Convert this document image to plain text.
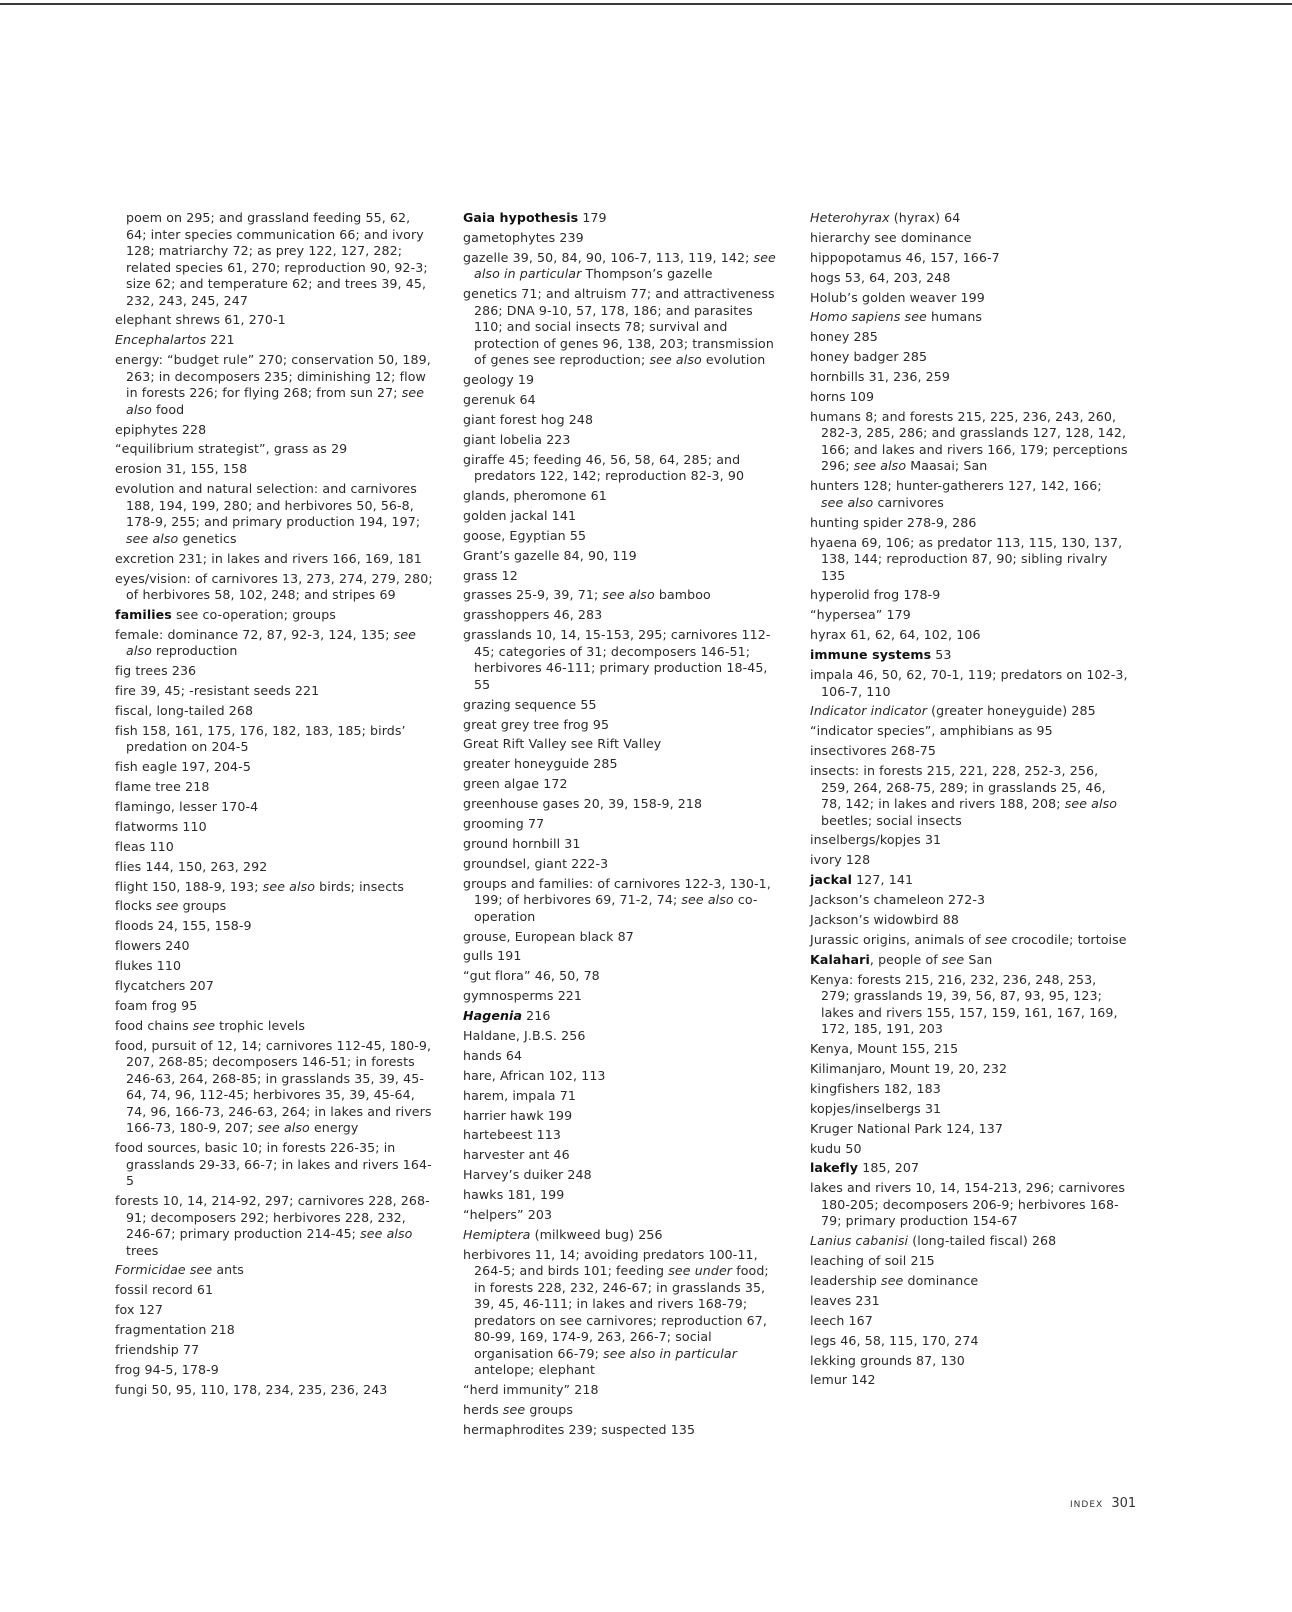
poem on 295; and grassland feeding 55, 62, 64; inter species communication 66; and ivory 128; matriarchy 72; as prey 122, 127, 282; related species 61, 270; reproduction 90, 92-3; size 62; and temperature 62; and trees 39, 45, 232, 243, 245, 247
elephant shrews 61, 270-1
Encephalartos 221
energy: “budget rule” 270; conservation 50, 189, 263; in decomposers 235; diminishing 12; flow in forests 226; for flying 268; from sun 27; see also food
epiphytes 228
“equilibrium strategist”, grass as 29
erosion 31, 155, 158
evolution and natural selection: and carnivores 188, 194, 199, 280; and herbivores 50, 56-8, 178-9, 255; and primary production 194, 197; see also genetics
excretion 231; in lakes and rivers 166, 169, 181
eyes/vision: of carnivores 13, 273, 274, 279, 280; of herbivores 58, 102, 248; and stripes 69
families see co-operation; groups
female: dominance 72, 87, 92-3, 124, 135; see also reproduction
fig trees 236
fire 39, 45; -resistant seeds 221
fiscal, long-tailed 268
fish 158, 161, 175, 176, 182, 183, 185; birds’ predation on 204-5
fish eagle 197, 204-5
flame tree 218
flamingo, lesser 170-4
flatworms 110
fleas 110
flies 144, 150, 263, 292
flight 150, 188-9, 193; see also birds; insects
flocks see groups
floods 24, 155, 158-9
flowers 240
flukes 110
flycatchers 207
foam frog 95
food chains see trophic levels
food, pursuit of 12, 14; carnivores 112-45, 180-9, 207, 268-85; decomposers 146-51; in forests 246-63, 264, 268-85; in grasslands 35, 39, 45-64, 74, 96, 112-45; herbivores 35, 39, 45-64, 74, 96, 166-73, 246-63, 264; in lakes and rivers 166-73, 180-9, 207; see also energy
food sources, basic 10; in forests 226-35; in grasslands 29-33, 66-7; in lakes and rivers 164-5
forests 10, 14, 214-92, 297; carnivores 228, 268-91; decomposers 292; herbivores 228, 232, 246-67; primary production 214-45; see also trees
Formicidae see ants
fossil record 61
fox 127
fragmentation 218
friendship 77
frog 94-5, 178-9
fungi 50, 95, 110, 178, 234, 235, 236, 243
Gaia hypothesis 179
gametophytes 239
gazelle 39, 50, 84, 90, 106-7, 113, 119, 142; see also in particular Thompson’s gazelle
genetics 71; and altruism 77; and attractiveness 286; DNA 9-10, 57, 178, 186; and parasites 110; and social insects 78; survival and protection of genes 96, 138, 203; transmission of genes see reproduction; see also evolution
geology 19
gerenuk 64
giant forest hog 248
giant lobelia 223
giraffe 45; feeding 46, 56, 58, 64, 285; and predators 122, 142; reproduction 82-3, 90
glands, pheromone 61
golden jackal 141
goose, Egyptian 55
Grant’s gazelle 84, 90, 119
grass 12
grasses 25-9, 39, 71; see also bamboo
grasshoppers 46, 283
grasslands 10, 14, 15-153, 295; carnivores 112-45; categories of 31; decomposers 146-51; herbivores 46-111; primary production 18-45, 55
grazing sequence 55
great grey tree frog 95
Great Rift Valley see Rift Valley
greater honeyguide 285
green algae 172
greenhouse gases 20, 39, 158-9, 218
grooming 77
ground hornbill 31
groundsel, giant 222-3
groups and families: of carnivores 122-3, 130-1, 199; of herbivores 69, 71-2, 74; see also co-operation
grouse, European black 87
gulls 191
“gut flora” 46, 50, 78
gymnosperms 221
Hagenia 216
Haldane, J.B.S. 256
hands 64
hare, African 102, 113
harem, impala 71
harrier hawk 199
hartebeest 113
harvester ant 46
Harvey’s duiker 248
hawks 181, 199
“helpers” 203
Hemiptera (milkweed bug) 256
herbivores 11, 14; avoiding predators 100-11, 264-5; and birds 101; feeding see under food; in forests 228, 232, 246-67; in grasslands 35, 39, 45, 46-111; in lakes and rivers 168-79; predators on see carnivores; reproduction 67, 80-99, 169, 174-9, 263, 266-7; social organisation 66-79; see also in particular antelope; elephant
“herd immunity” 218
herds see groups
hermaphrodites 239; suspected 135
Heterohyrax (hyrax) 64
hierarchy see dominance
hippopotamus 46, 157, 166-7
hogs 53, 64, 203, 248
Holub’s golden weaver 199
Homo sapiens see humans
honey 285
honey badger 285
hornbills 31, 236, 259
horns 109
humans 8; and forests 215, 225, 236, 243, 260, 282-3, 285, 286; and grasslands 127, 128, 142, 166; and lakes and rivers 166, 179; perceptions 296; see also Maasai; San
hunters 128; hunter-gatherers 127, 142, 166; see also carnivores
hunting spider 278-9, 286
hyaena 69, 106; as predator 113, 115, 130, 137, 138, 144; reproduction 87, 90; sibling rivalry 135
hyperolid frog 178-9
“hypersea” 179
hyrax 61, 62, 64, 102, 106
immune systems 53
impala 46, 50, 62, 70-1, 119; predators on 102-3, 106-7, 110
Indicator indicator (greater honeyguide) 285
“indicator species”, amphibians as 95
insectivores 268-75
insects: in forests 215, 221, 228, 252-3, 256, 259, 264, 268-75, 289; in grasslands 25, 46, 78, 142; in lakes and rivers 188, 208; see also beetles; social insects
inselbergs/kopjes 31
ivory 128
jackal 127, 141
Jackson’s chameleon 272-3
Jackson’s widowbird 88
Jurassic origins, animals of see crocodile; tortoise
Kalahari, people of see San
Kenya: forests 215, 216, 232, 236, 248, 253, 279; grasslands 19, 39, 56, 87, 93, 95, 123; lakes and rivers 155, 157, 159, 161, 167, 169, 172, 185, 191, 203
Kenya, Mount 155, 215
Kilimanjaro, Mount 19, 20, 232
kingfishers 182, 183
kopjes/inselbergs 31
Kruger National Park 124, 137
kudu 50
lakefly 185, 207
lakes and rivers 10, 14, 154-213, 296; carnivores 180-205; decomposers 206-9; herbivores 168-79; primary production 154-67
Lanius cabanisi (long-tailed fiscal) 268
leaching of soil 215
leadership see dominance
leaves 231
leech 167
legs 46, 58, 115, 170, 274
lekking grounds 87, 130
lemur 142
INDEX 301
